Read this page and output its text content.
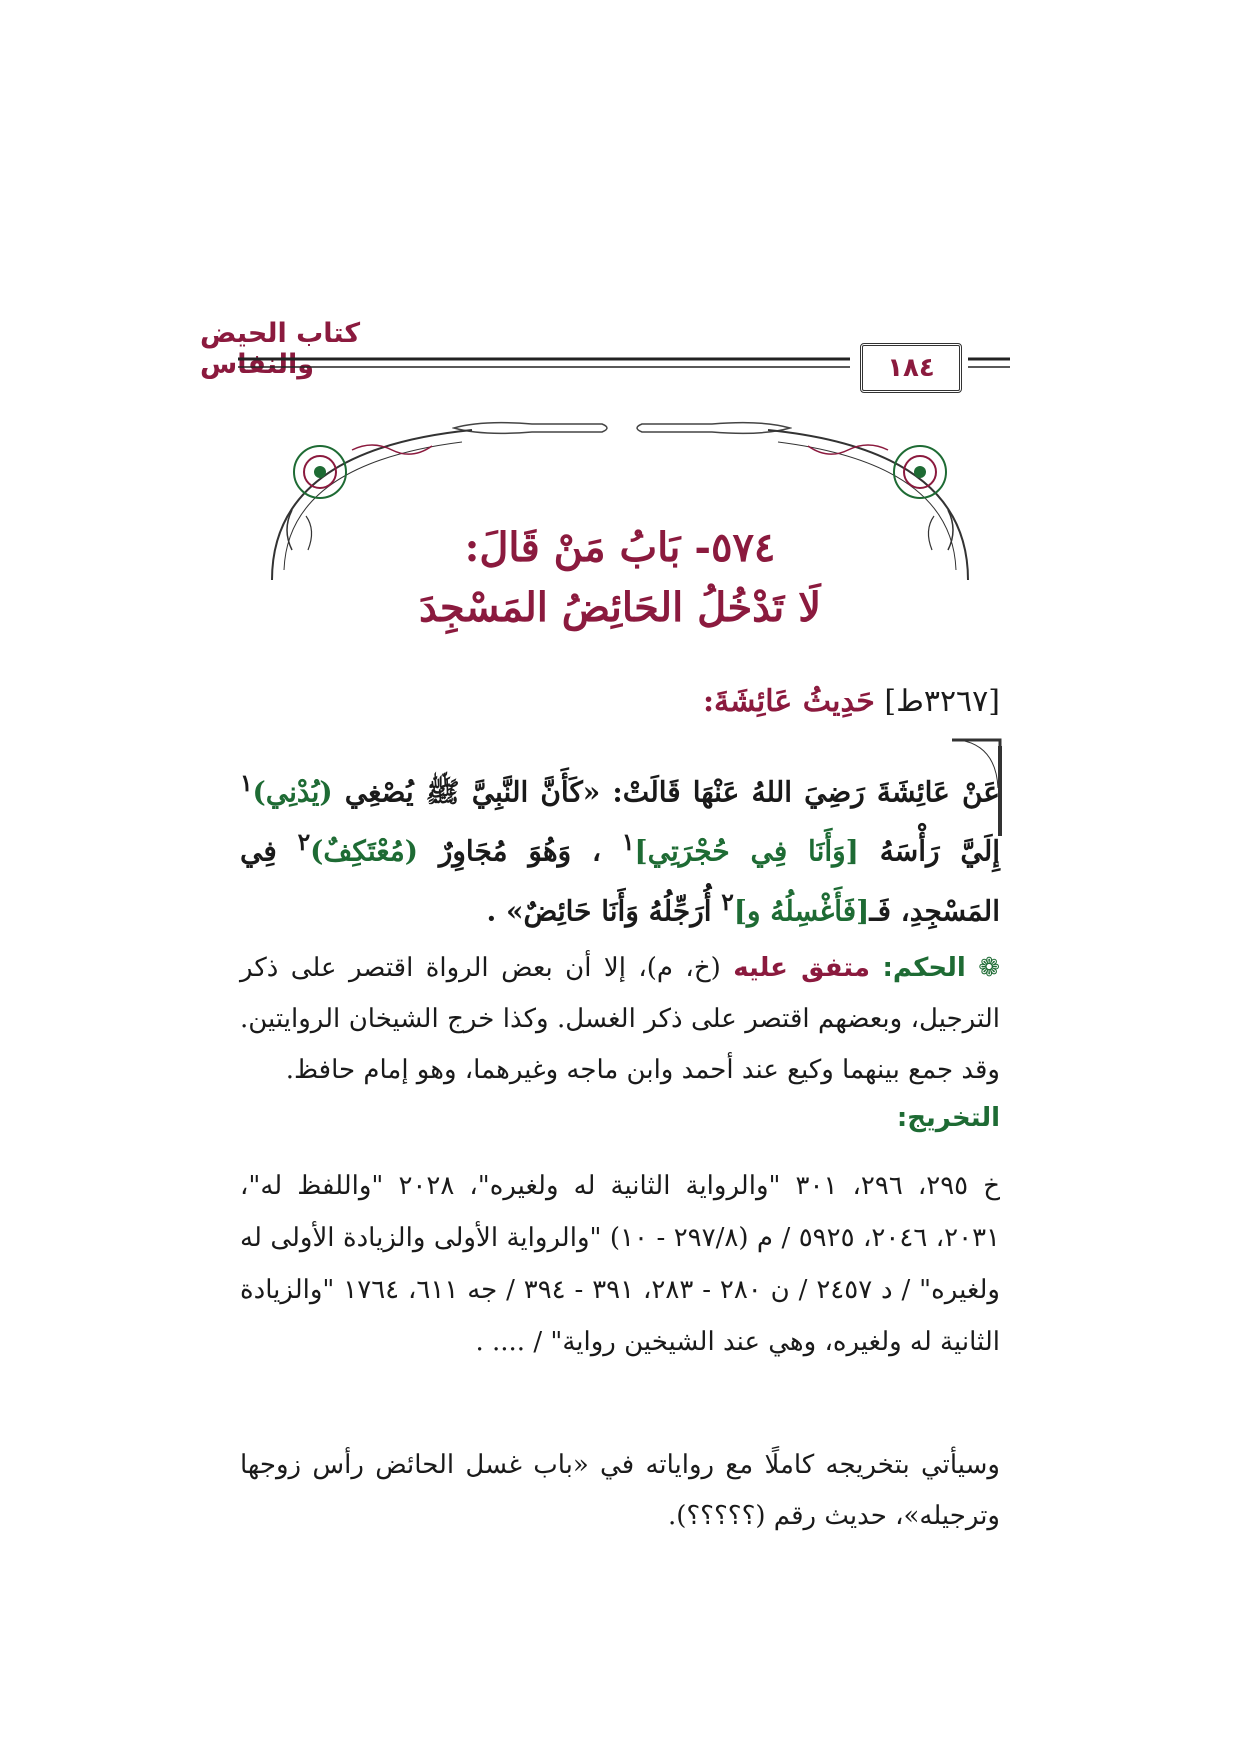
كتاب الحيض والنفاس	١٨٤
٥٧٤- بَابُ مَنْ قَالَ:
لَا تَدْخُلُ الحَائِضُ المَسْجِدَ
[٣٢٦٧ط] حَدِيثُ عَائِشَةَ:
عَنْ عَائِشَةَ رَضِيَ اللهُ عَنْهَا قَالَتْ: «كَأَنَّ النَّبِيَّ ﷺ يُصْغِي (يُدْنِي)$^١$ إِلَيَّ رَأْسَهُ [وَأَنَا فِي حُجْرَتِي]$^١$ ، وَهُوَ مُجَاوِرٌ (مُعْتَكِفٌ)$^٢$ فِي المَسْجِدِ، فَـ[فَأَغْسِلُهُ و]$^٢$ أُرَجِّلُهُ وَأَنَا حَائِضٌ» .
❁ الحكم: متفق عليه (خ، م)، إلا أن بعض الرواة اقتصر على ذكر الترجيل، وبعضهم اقتصر على ذكر الغسل. وكذا خرج الشيخان الروايتين. وقد جمع بينهما وكيع عند أحمد وابن ماجه وغيرهما، وهو إمام حافظ.
التخريج:
خ ٢٩٥، ٢٩٦، ٣٠١ "والرواية الثانية له ولغيره"، ٢٠٢٨ "واللفظ له"، ٢٠٣١، ٢٠٤٦، ٥٩٢٥ / م (٢٩٧/٨ - ١٠) "والرواية الأولى والزيادة الأولى له ولغيره" / د ٢٤٥٧ / ن ٢٨٠ - ٢٨٣، ٣٩١ - ٣٩٤ / جه ٦١١، ١٧٦٤ "والزيادة الثانية له ولغيره، وهي عند الشيخين رواية" / .... .
وسيأتي بتخريجه كاملًا مع رواياته في «باب غسل الحائض رأس زوجها وترجيله»، حديث رقم (؟؟؟؟؟).
